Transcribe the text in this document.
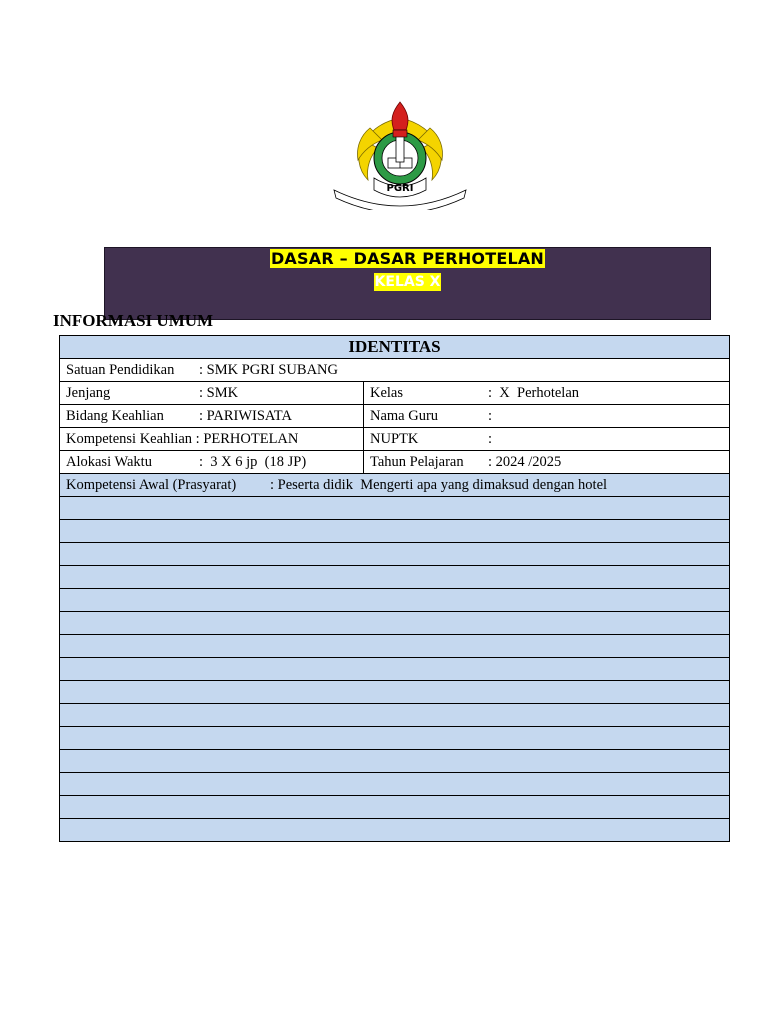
PGRI
DASAR – DASAR PERHOTELAN
KELAS X
INFORMASI UMUM
IDENTITAS	
Satuan Pendidikan : SMK PGRI SUBANG	
Jenjang : SMK	Kelas :  X  Perhotelan
Bidang Keahlian : PARIWISATA	Nama Guru :
Kompetensi Keahlian : PERHOTELAN	NUPTK :
Alokasi Waktu :  3 X 6 jp  (18 JP)	Tahun Pelajaran : 2024 /2025
Kompetensi Awal (Prasyarat) : Peserta didik  Mengerti apa yang dimaksud dengan hotel	
